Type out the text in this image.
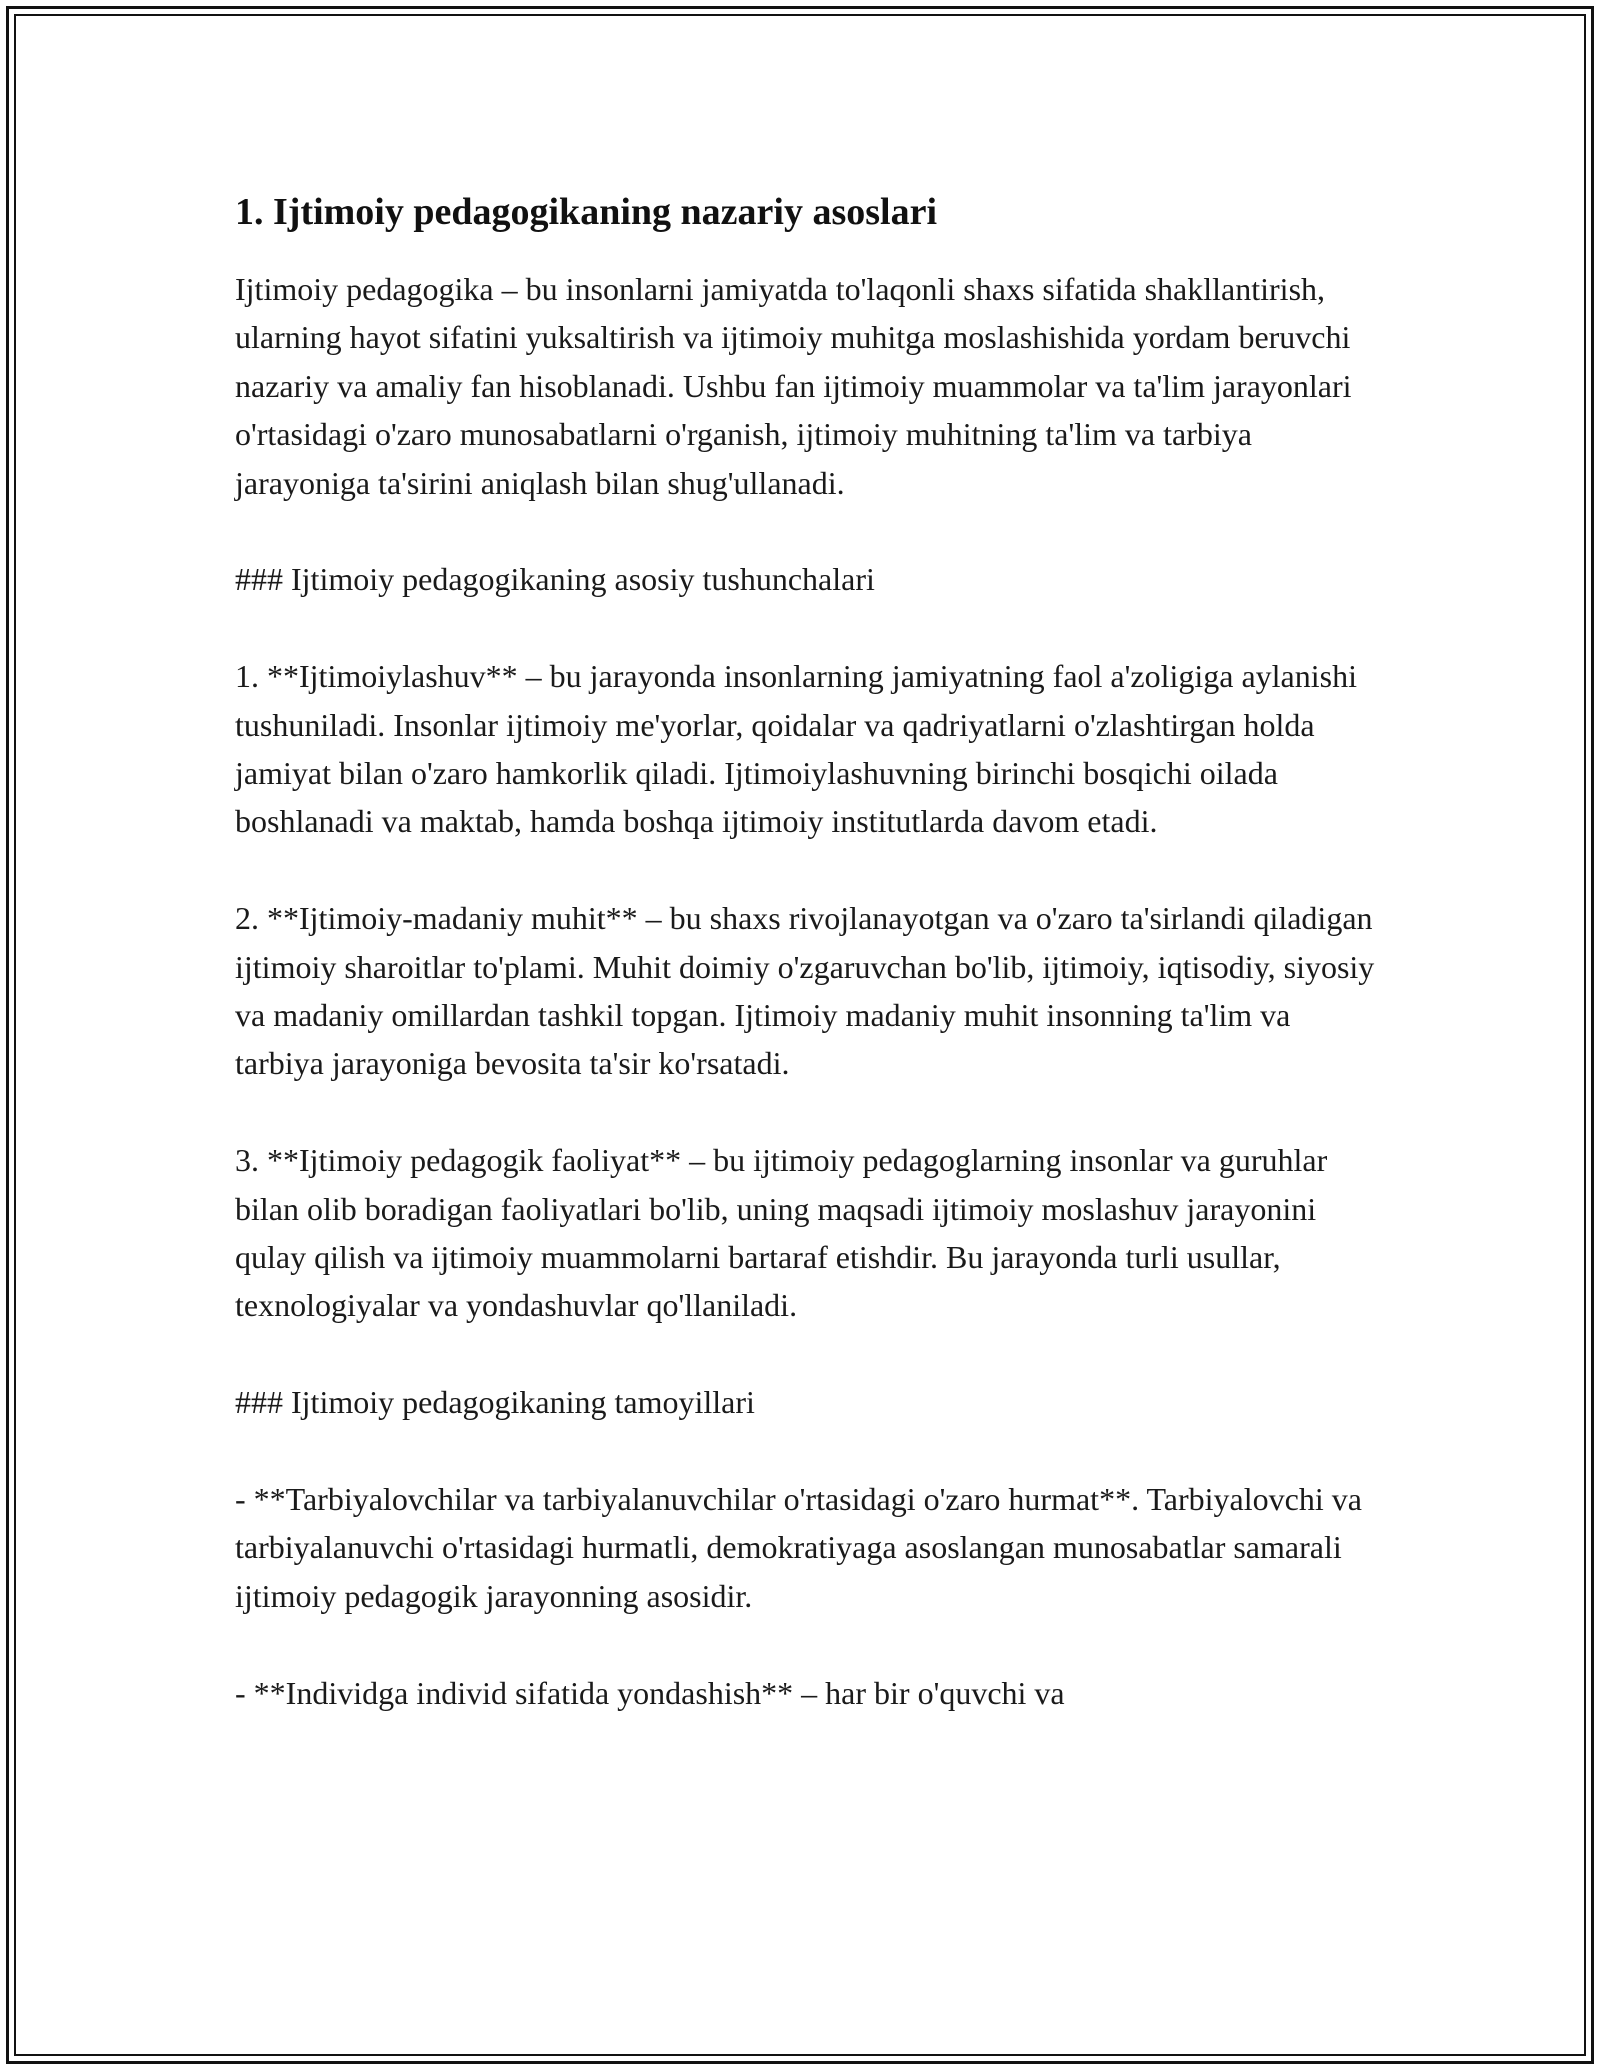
1. Ijtimoiy pedagogikaning nazariy asoslari

Ijtimoiy pedagogika – bu insonlarni jamiyatda to'laqonli shaxs sifatida shakllantirish, ularning hayot sifatini yuksaltirish va ijtimoiy muhitga moslashishida yordam beruvchi nazariy va amaliy fan hisoblanadi. Ushbu fan ijtimoiy muammolar va ta'lim jarayonlari o'rtasidagi o'zaro munosabatlarni o'rganish, ijtimoiy muhitning ta'lim va tarbiya jarayoniga ta'sirini aniqlash bilan shug'ullanadi.

### Ijtimoiy pedagogikaning asosiy tushunchalari

1. **Ijtimoiylashuv** – bu jarayonda insonlarning jamiyatning faol a'zoligiga aylanishi tushuniladi. Insonlar ijtimoiy me'yorlar, qoidalar va qadriyatlarni o'zlashtirgan holda jamiyat bilan o'zaro hamkorlik qiladi. Ijtimoiylashuvning birinchi bosqichi oilada boshlanadi va maktab, hamda boshqa ijtimoiy institutlarda davom etadi.

2. **Ijtimoiy-madaniy muhit** – bu shaxs rivojlanayotgan va o'zaro ta'sirlandi qiladigan ijtimoiy sharoitlar to'plami. Muhit doimiy o'zgaruvchan bo'lib, ijtimoiy, iqtisodiy, siyosiy va madaniy omillardan tashkil topgan. Ijtimoiy madaniy muhit insonning ta'lim va tarbiya jarayoniga bevosita ta'sir ko'rsatadi.

3. **Ijtimoiy pedagogik faoliyat** – bu ijtimoiy pedagoglarning insonlar va guruhlar bilan olib boradigan faoliyatlari bo'lib, uning maqsadi ijtimoiy moslashuv jarayonini qulay qilish va ijtimoiy muammolarni bartaraf etishdir. Bu jarayonda turli usullar, texnologiyalar va yondashuvlar qo'llaniladi.

### Ijtimoiy pedagogikaning tamoyillari

- **Tarbiyalovchilar va tarbiyalanuvchilar o'rtasidagi o'zaro hurmat**. Tarbiyalovchi va tarbiyalanuvchi o'rtasidagi hurmatli, demokratiyaga asoslangan munosabatlar samarali ijtimoiy pedagogik jarayonning asosidir.

- **Individga individ sifatida yondashish** – har bir o'quvchi va
